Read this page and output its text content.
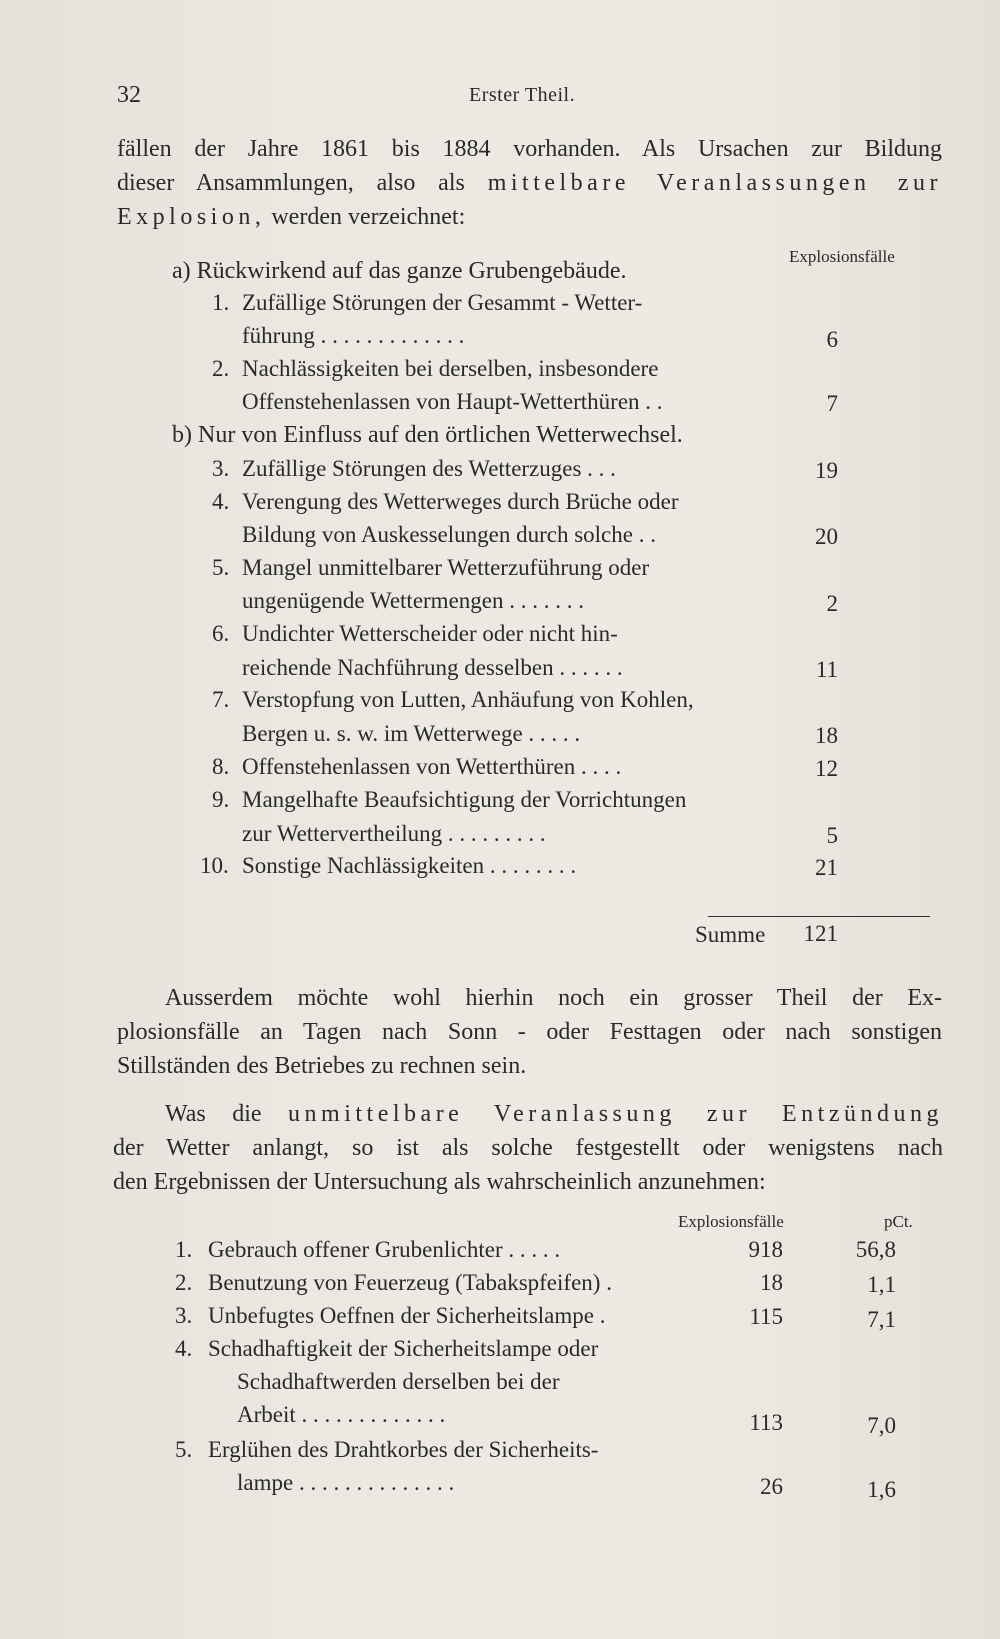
32	Erster Theil.
fällen der Jahre 1861 bis 1884 vorhanden. Als Ursachen zur Bildung
dieser Ansammlungen, also als mittelbare Veranlassungen zur
Explosion, werden verzeichnet:
Explosionsfälle
a) Rückwirkend auf das ganze Grubengebäude.
1. Zufällige Störungen der Gesammt - Wetter-
führung . . . . . . . . . . . . .	6
2. Nachlässigkeiten bei derselben, insbesondere
Offenstehenlassen von Haupt-Wetterthüren . .	7
b) Nur von Einfluss auf den örtlichen Wetterwechsel.
3. Zufällige Störungen des Wetterzuges . . .	19
4. Verengung des Wetterweges durch Brüche oder
Bildung von Auskesselungen durch solche . .	20
5. Mangel unmittelbarer Wetterzuführung oder
ungenügende Wettermengen . . . . . . .	2
6. Undichter Wetterscheider oder nicht hin-
reichende Nachführung desselben . . . . . .	11
7. Verstopfung von Lutten, Anhäufung von Kohlen,
Bergen u. s. w. im Wetterwege . . . . .	18
8. Offenstehenlassen von Wetterthüren . . . .	12
9. Mangelhafte Beaufsichtigung der Vorrichtungen
zur Wettervertheilung . . . . . . . . .	5
10. Sonstige Nachlässigkeiten . . . . . . . .	21
Summe	121
Ausserdem möchte wohl hierhin noch ein grosser Theil der Ex-
plosionsfälle an Tagen nach Sonn - oder Festtagen oder nach sonstigen
Stillständen des Betriebes zu rechnen sein.
Was die unmittelbare Veranlassung zur Entzündung
der Wetter anlangt, so ist als solche festgestellt oder wenigstens nach
den Ergebnissen der Untersuchung als wahrscheinlich anzunehmen:
Explosionsfälle	pCt.
1. Gebrauch offener Grubenlichter . . . . .	918	56,8
2. Benutzung von Feuerzeug (Tabakspfeifen) .	18	1,1
3. Unbefugtes Oeffnen der Sicherheitslampe .	115	7,1
4. Schadhaftigkeit der Sicherheitslampe oder
Schadhaftwerden derselben bei der
Arbeit . . . . . . . . . . . . .	113	7,0
5. Erglühen des Drahtkorbes der Sicherheits-
lampe . . . . . . . . . . . . . .	26	1,6
